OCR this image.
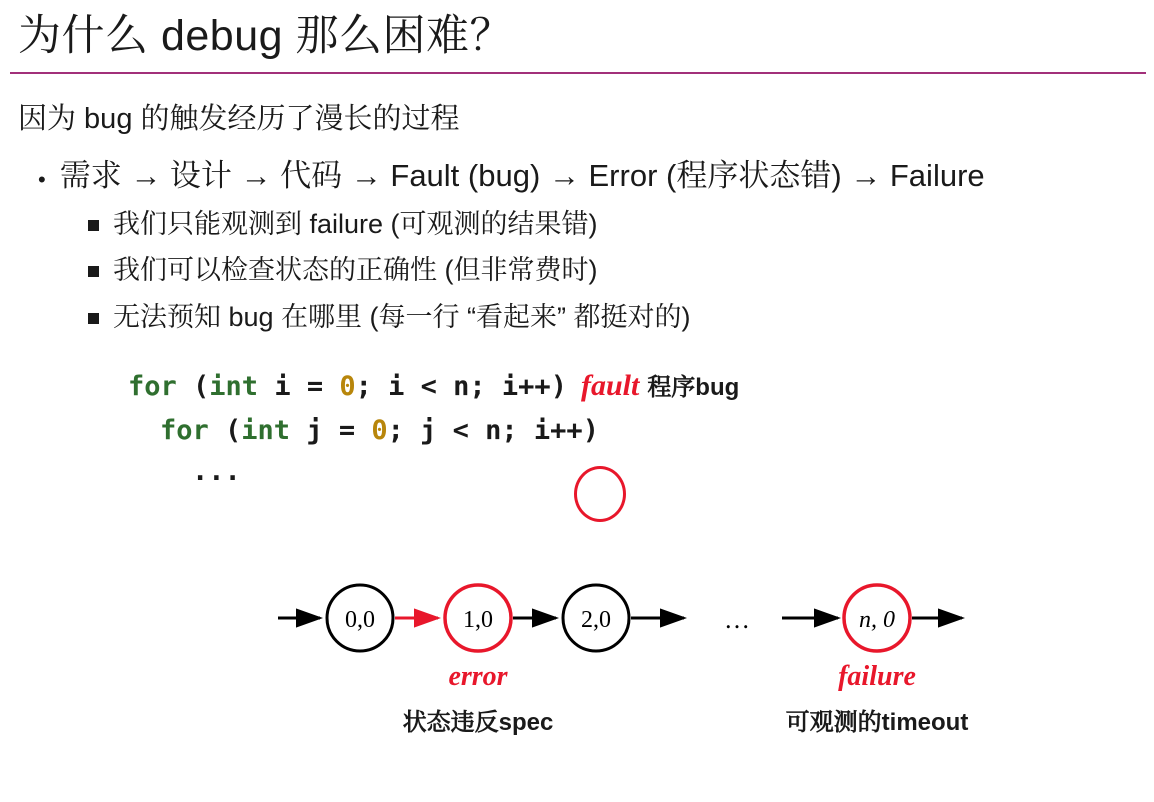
为什么 debug 那么困难？
因为 bug 的触发经历了漫长的过程
• 需求 → 设计 → 代码 → Fault (bug) → Error (程序状态错) → Failure
我们只能观测到 failure (可观测的结果错)
我们可以检查状态的正确性 (但非常费时)
无法预知 bug 在哪里 (每一行 “看起来” 都挺对的)
for (int i = 0; i < n; i++) fault 程序bug
for (int j = 0; j < n; i++)
...
0,0	1,0	2,0	…	n, 0
error	failure
状态违反spec	可观测的timeout
